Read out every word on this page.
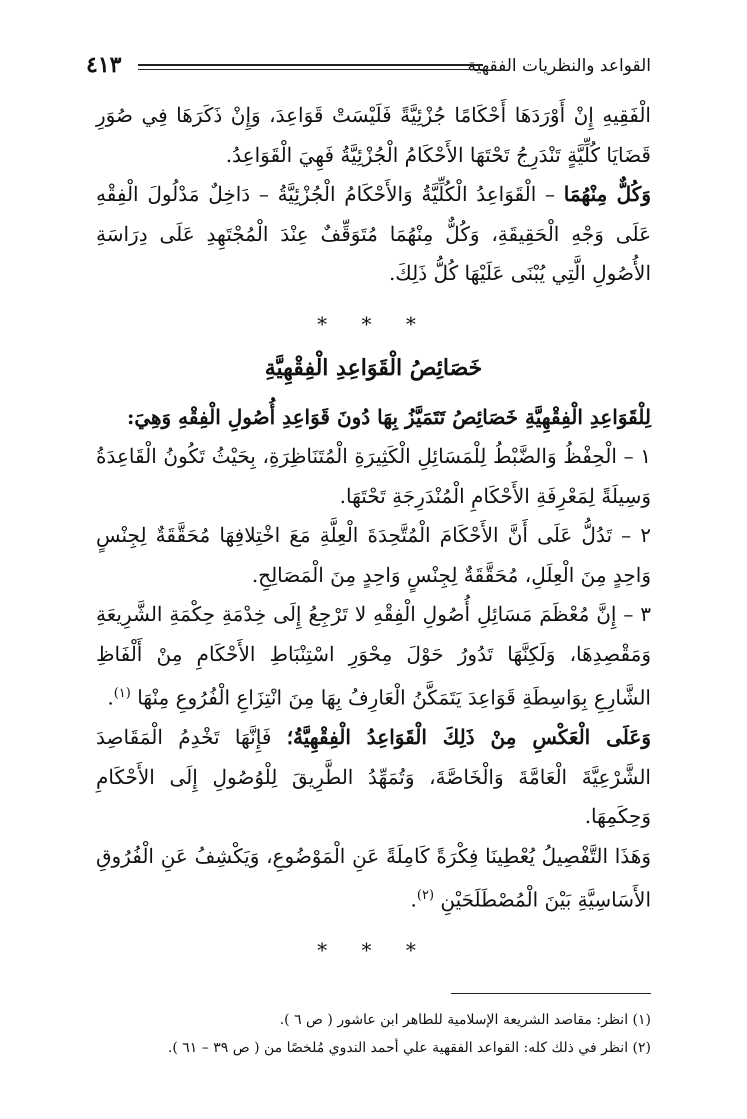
القواعد والنظريات الفقهية
٤١٣

الْفَقِيهِ إِنْ أَوْرَدَهَا أَحْكَامًا جُزْئِيَّةً فَلَيْسَتْ قَوَاعِدَ، وَإِنْ ذَكَرَهَا فِي صُوَرِ قَضَايَا كُلِّيَّةٍ تَنْدَرِجُ تَحْتَهَا الأَحْكَامُ الْجُزْئِيَّةُ فَهِيَ الْقَوَاعِدُ.

وَكُلٌّ مِنْهُمَا – الْقَوَاعِدُ الْكُلِّيَّةُ وَالأَحْكَامُ الْجُزْئِيَّةُ – دَاخِلٌ مَدْلُولَ الْفِقْهِ عَلَى وَجْهِ الْحَقِيقَةِ، وَكُلٌّ مِنْهُمَا مُتَوَقِّفٌ عِنْدَ الْمُجْتَهِدِ عَلَى دِرَاسَةِ الأُصُولِ الَّتِي يُبْنَى عَلَيْهَا كُلُّ ذَلِكَ.

* * *
خَصَائِصُ الْقَوَاعِدِ الْفِقْهِيَّةِ

لِلْقَوَاعِدِ الْفِقْهِيَّةِ خَصَائِصُ تَتَمَيَّزُ بِهَا دُونَ قَوَاعِدِ أُصُولِ الْفِقْهِ وَهِيَ:

١ – الْحِفْظُ وَالضَّبْطُ لِلْمَسَائِلِ الْكَثِيرَةِ الْمُتَنَاظِرَةِ، بِحَيْثُ تَكُونُ الْقَاعِدَةُ وَسِيلَةً لِمَعْرِفَةِ الأَحْكَامِ الْمُنْدَرِجَةِ تَحْتَهَا.

٢ – تَدُلُّ عَلَى أَنَّ الأَحْكَامَ الْمُتَّحِدَةَ الْعِلَّةِ مَعَ اخْتِلافِهَا مُحَقَّقَةٌ لِجِنْسٍ وَاحِدٍ مِنَ الْعِلَلِ، مُحَقَّقَةٌ لِجِنْسٍ وَاحِدٍ مِنَ الْمَصَالِحِ.

٣ – إِنَّ مُعْظَمَ مَسَائِلِ أُصُولِ الْفِقْهِ لا تَرْجِعُ إِلَى خِدْمَةِ حِكْمَةِ الشَّرِيعَةِ وَمَقْصِدِهَا، وَلَكِنَّهَا تَدُورُ حَوْلَ مِحْوَرِ اسْتِنْبَاطِ الأَحْكَامِ مِنْ أَلْفَاظِ الشَّارِعِ بِوَاسِطَةِ قَوَاعِدَ يَتَمَكَّنُ الْعَارِفُ بِهَا مِنَ انْتِزَاعِ الْفُرُوعِ مِنْهَا $^{(١)}$.

وَعَلَى الْعَكْسِ مِنْ ذَلِكَ الْقَوَاعِدُ الْفِقْهِيَّةُ؛ فَإِنَّهَا تَخْدِمُ الْمَقَاصِدَ الشَّرْعِيَّةَ الْعَامَّةَ وَالْخَاصَّةَ، وَتُمَهِّدُ الطَّرِيقَ لِلْوُصُولِ إِلَى الأَحْكَامِ وَحِكَمِهَا.

وَهَذَا التَّفْصِيلُ يُعْطِينَا فِكْرَةً كَامِلَةً عَنِ الْمَوْضُوعِ، وَيَكْشِفُ عَنِ الْفُرُوقِ الأَسَاسِيَّةِ بَيْنَ الْمُصْطَلَحَيْنِ $^{(٢)}$.

* * *

(١) انظر: مقاصد الشريعة الإسلامية للطاهر ابن عاشور ( ص ٦ ).

(٢) انظر في ذلك كله: القواعد الفقهية علي أحمد الندوي مُلخصًا من ( ص ٣٩ – ٦١ ).
